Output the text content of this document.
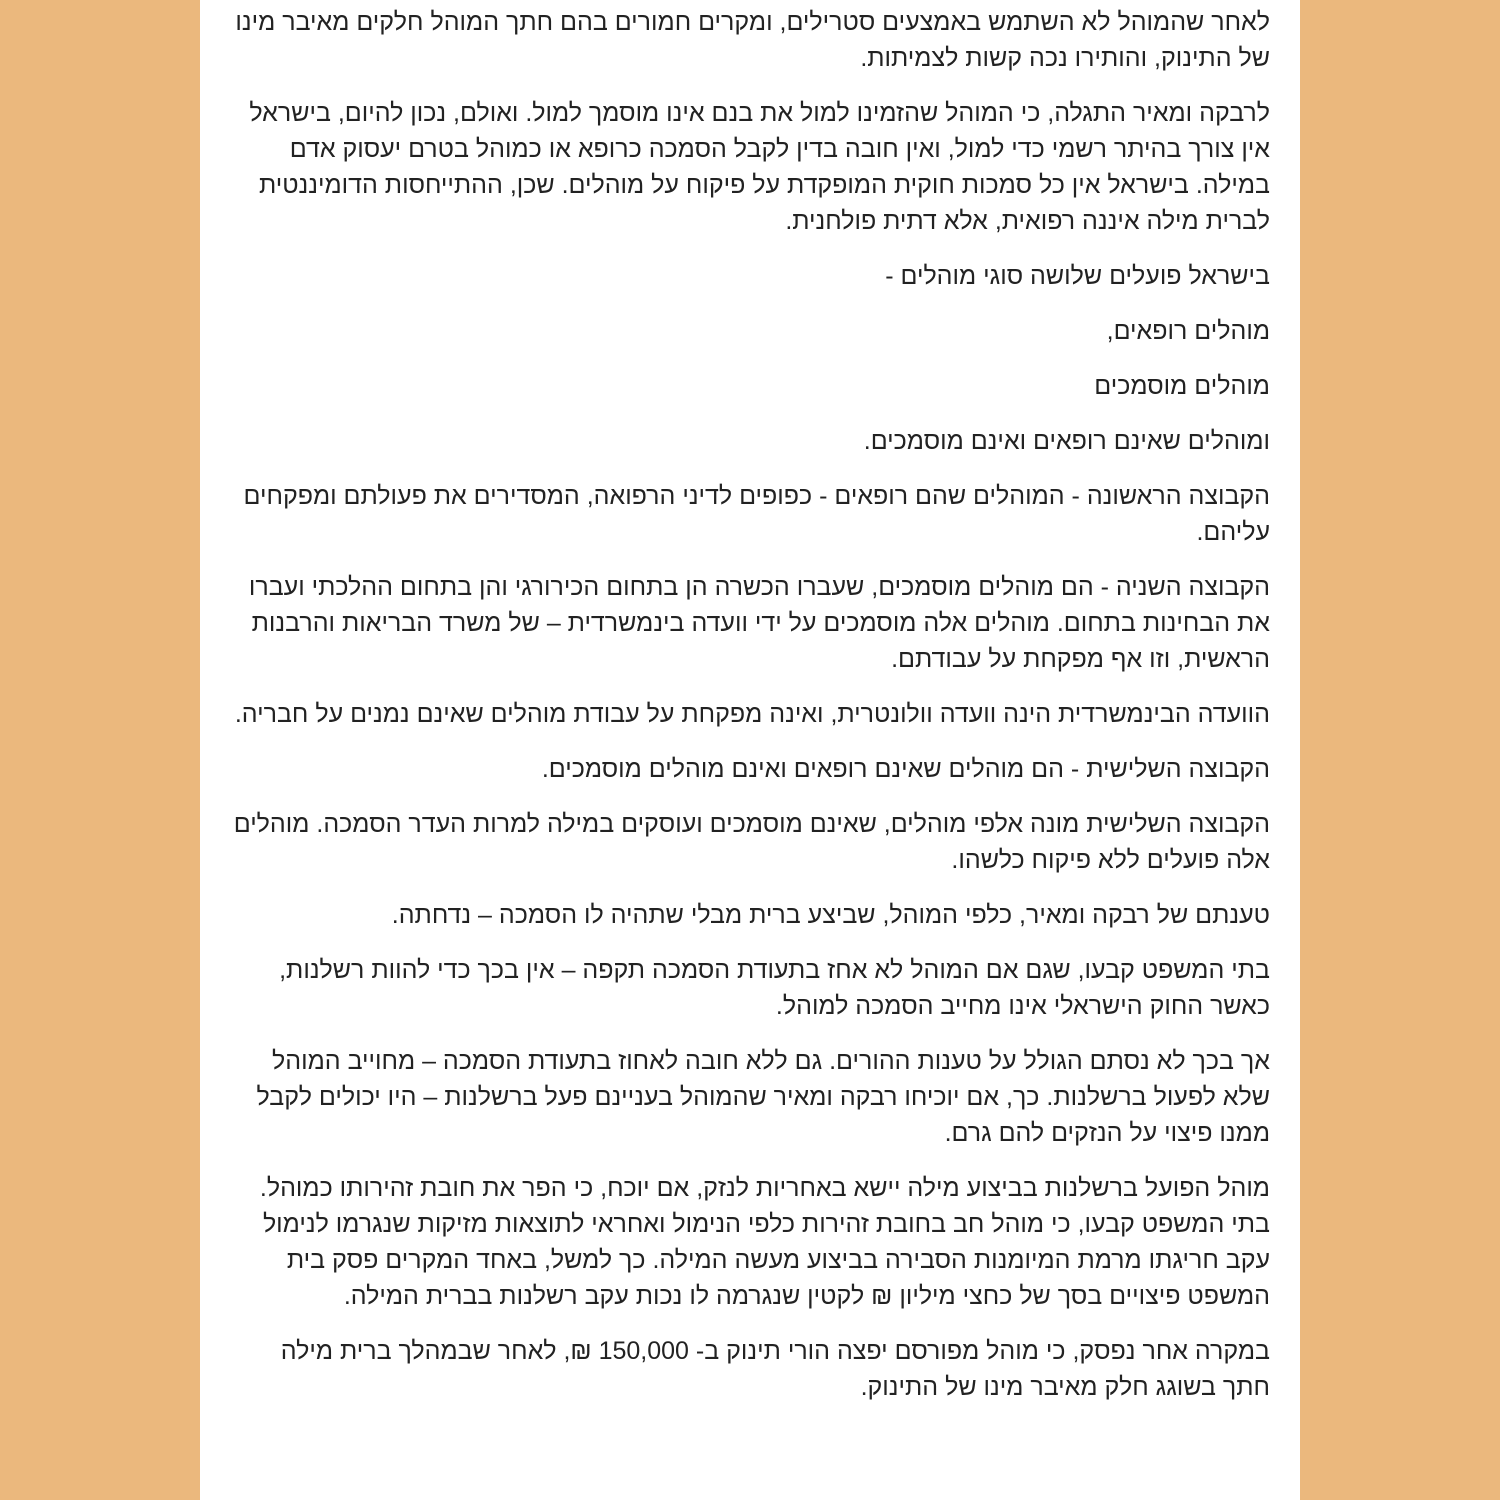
לאחר שהמוהל לא השתמש באמצעים סטרילים, ומקרים חמורים בהם חתך המוהל חלקים מאיבר מינו של התינוק, והותירו נכה קשות לצמיתות.

לרבקה ומאיר התגלה, כי המוהל שהזמינו למול את בנם אינו מוסמך למול. ואולם, נכון להיום, בישראל אין צורך בהיתר רשמי כדי למול, ואין חובה בדין לקבל הסמכה כרופא או כמוהל בטרם יעסוק אדם במילה. בישראל אין כל סמכות חוקית המופקדת על פיקוח על מוהלים. שכן, ההתייחסות הדומיננטית לברית מילה איננה רפואית, אלא דתית פולחנית.

בישראל פועלים שלושה סוגי מוהלים -

מוהלים רופאים,

מוהלים מוסמכים

ומוהלים שאינם רופאים ואינם מוסמכים.

הקבוצה הראשונה - המוהלים שהם רופאים - כפופים לדיני הרפואה, המסדירים את פעולתם ומפקחים עליהם.

הקבוצה השניה - הם מוהלים מוסמכים, שעברו הכשרה הן בתחום הכירורגי והן בתחום ההלכתי ועברו את הבחינות בתחום. מוהלים אלה מוסמכים על ידי וועדה בינמשרדית – של משרד הבריאות והרבנות הראשית, וזו אף מפקחת על עבודתם.

הוועדה הבינמשרדית הינה וועדה וולונטרית, ואינה מפקחת על עבודת מוהלים שאינם נמנים על חבריה.

הקבוצה השלישית - הם מוהלים שאינם רופאים ואינם מוהלים מוסמכים.

הקבוצה השלישית מונה אלפי מוהלים, שאינם מוסמכים ועוסקים במילה למרות העדר הסמכה. מוהלים אלה פועלים ללא פיקוח כלשהו.

טענתם של רבקה ומאיר, כלפי המוהל, שביצע ברית מבלי שתהיה לו הסמכה – נדחתה.

בתי המשפט קבעו, שגם אם המוהל לא אחז בתעודת הסמכה תקפה – אין בכך כדי להוות רשלנות, כאשר החוק הישראלי אינו מחייב הסמכה למוהל.

אך בכך לא נסתם הגולל על טענות ההורים. גם ללא חובה לאחוז בתעודת הסמכה – מחוייב המוהל שלא לפעול ברשלנות. כך, אם יוכיחו רבקה ומאיר שהמוהל בעניינם פעל ברשלנות – היו יכולים לקבל ממנו פיצוי על הנזקים להם גרם.

מוהל הפועל ברשלנות בביצוע מילה יישא באחריות לנזק, אם יוכח, כי הפר את חובת זהירותו כמוהל. בתי המשפט קבעו, כי מוהל חב בחובת זהירות כלפי הנימול ואחראי לתוצאות מזיקות שנגרמו לנימול עקב חריגתו מרמת המיומנות הסבירה בביצוע מעשה המילה. כך למשל, באחד המקרים פסק בית המשפט פיצויים בסך של כחצי מיליון ₪ לקטין שנגרמה לו נכות עקב רשלנות בברית המילה.

במקרה אחר נפסק, כי מוהל מפורסם יפצה הורי תינוק ב- 150,000 ₪, לאחר שבמהלך ברית מילה חתך בשוגג חלק מאיבר מינו של התינוק.
